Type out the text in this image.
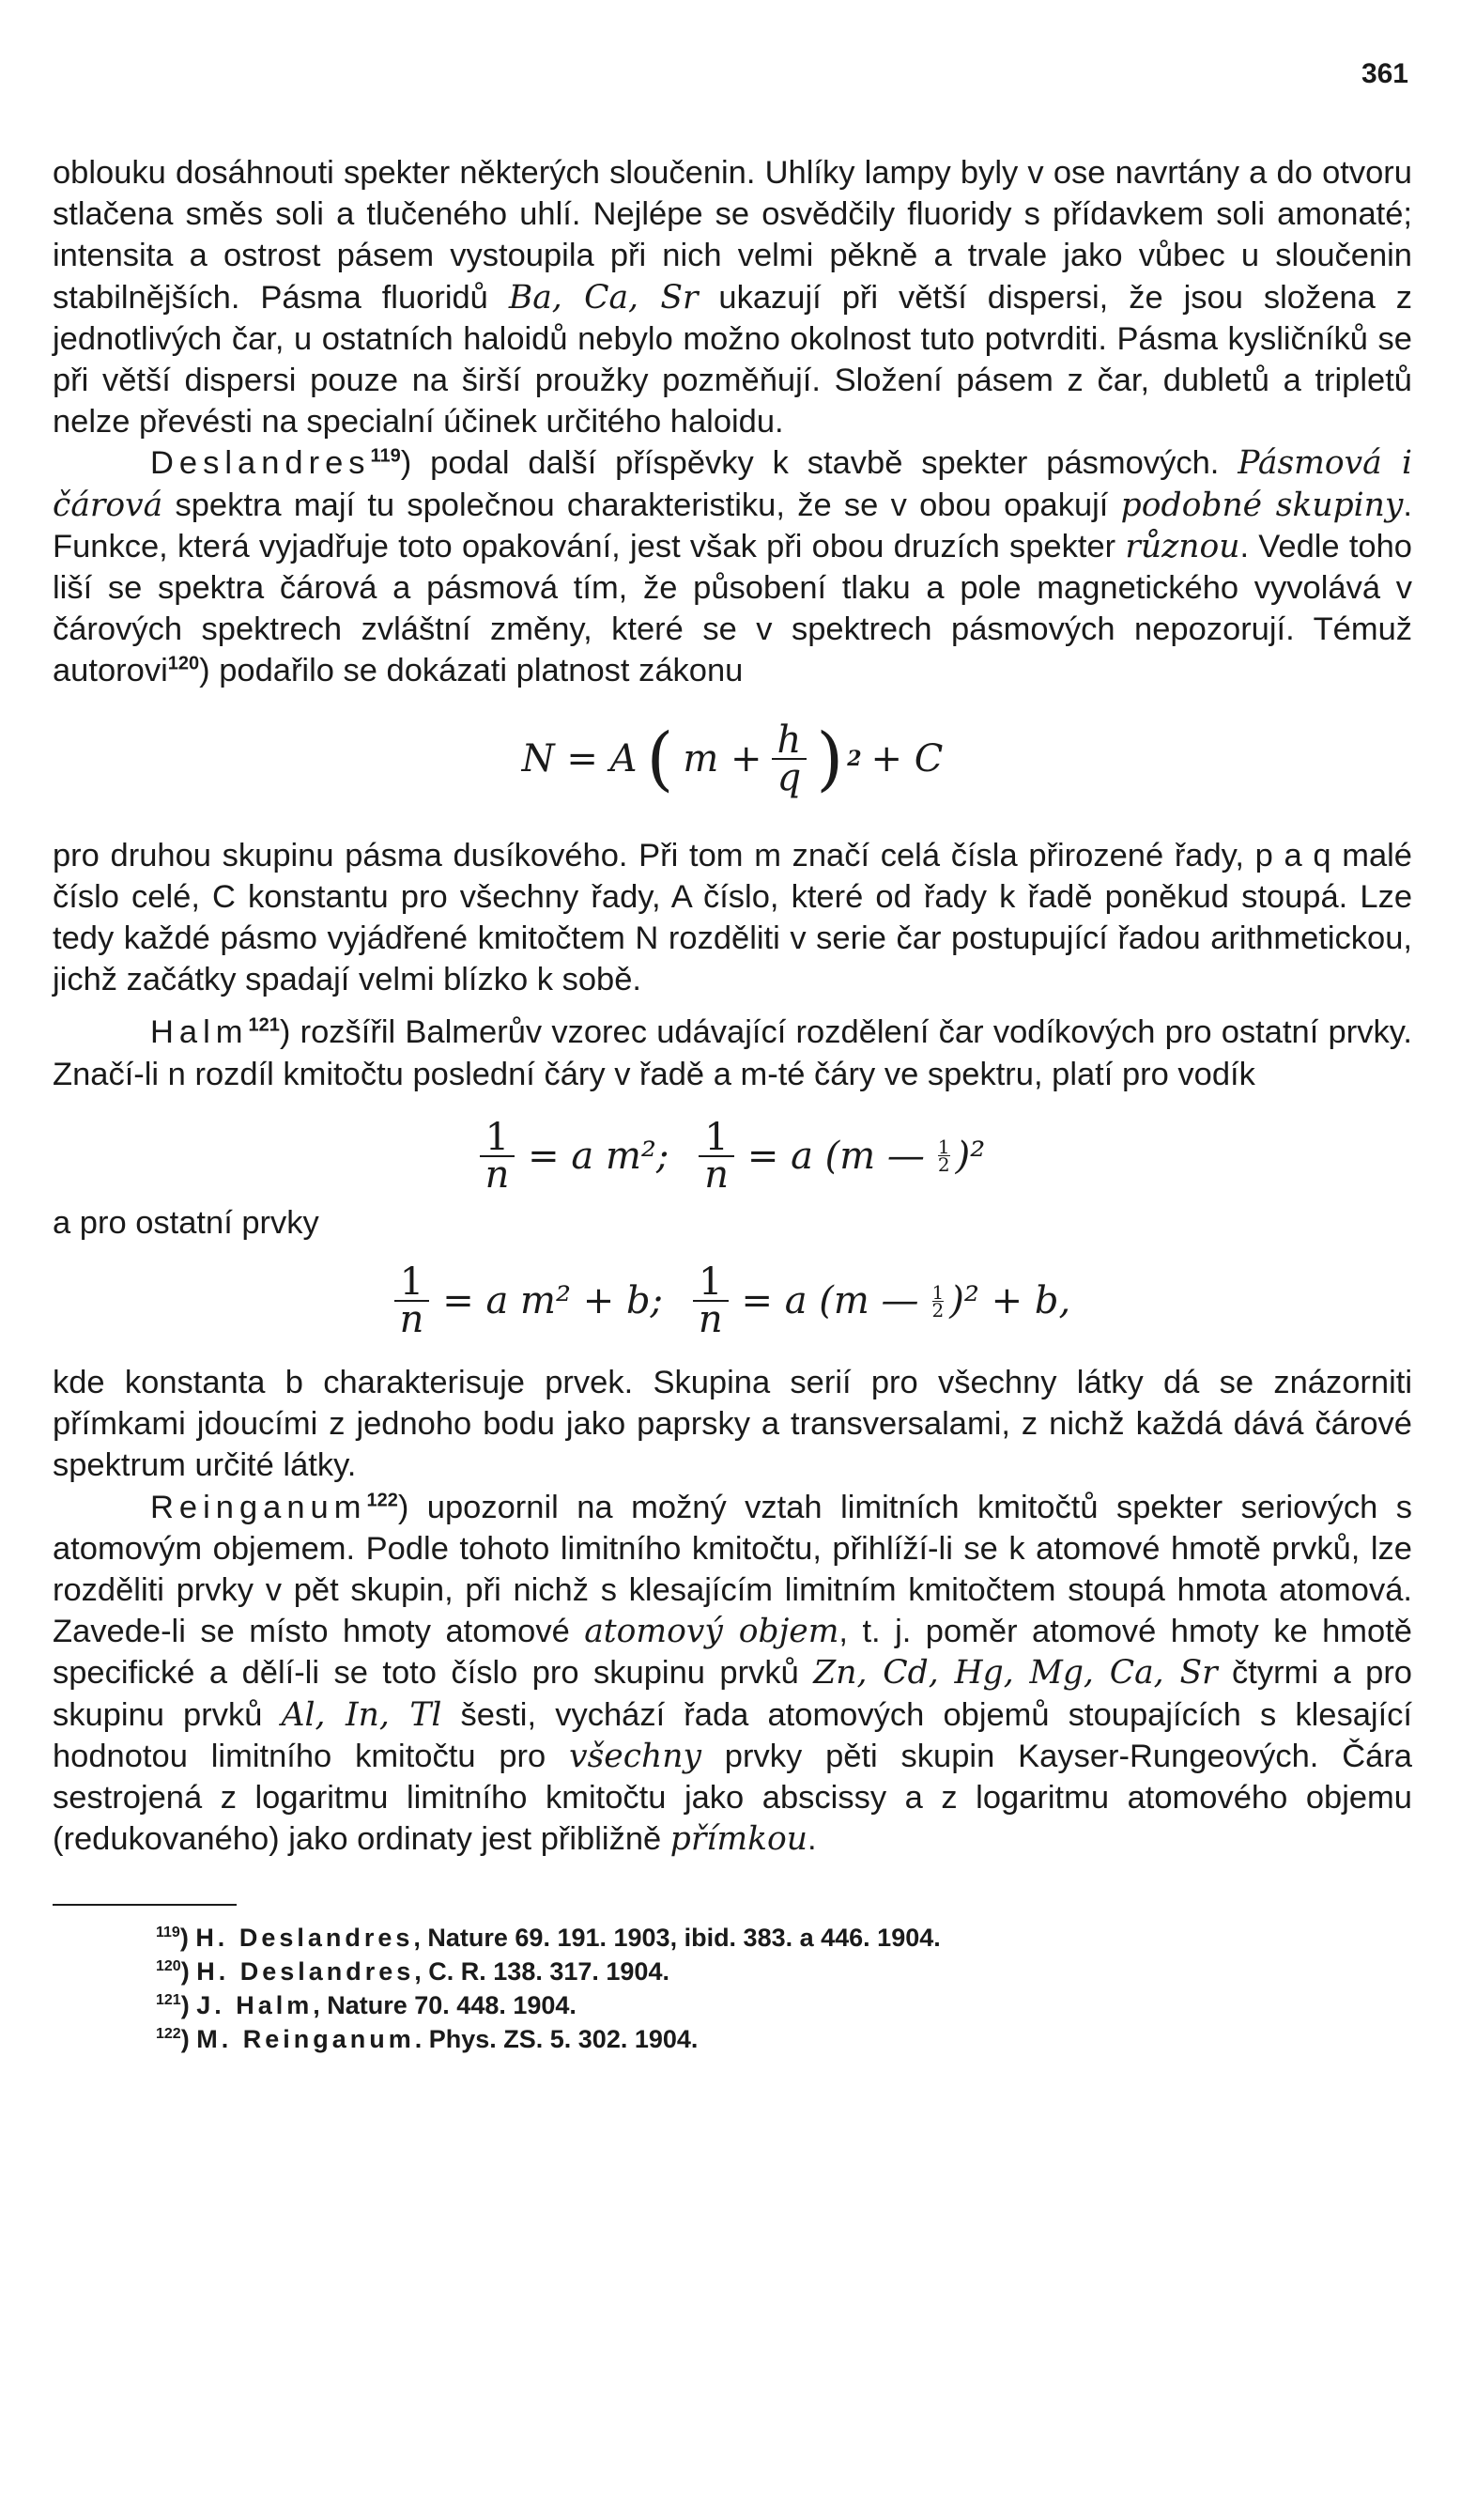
361

oblouku dosáhnouti spekter některých sloučenin. Uhlíky lampy byly v ose navrtány a do otvoru stlačena směs soli a tlučeného uhlí. Nejlépe se osvědčily fluoridy s přídavkem soli amonaté; intensita a ostrost pásem vystoupila při nich velmi pěkně a trvale jako vůbec u sloučenin stabilnějších. Pásma fluoridů Ba, Ca, Sr ukazují při větší dispersi, že jsou složena z jednotlivých čar, u ostatních haloidů nebylo možno okolnost tuto potvrditi. Pásma kysličníků se při větší dispersi pouze na širší proužky pozměňují. Složení pásem z čar, dubletů a tripletů nelze převésti na specialní účinek určitého haloidu.

Deslandres$^{119}$) podal další příspěvky k stavbě spekter pásmových. Pásmová i čárová spektra mají tu společnou charakteristiku, že se v obou opakují podobné skupiny. Funkce, která vyjadřuje toto opakování, jest však při obou druzích spekter různou. Vedle toho liší se spektra čárová a pásmová tím, že působení tlaku a pole magnetického vyvolává v čárových spektrech zvláštní změny, které se v spektrech pásmových nepozorují. Témuž autorovi$^{120}$) podařilo se dokázati platnost zákonu

N = A ( $m + \frac{h}{q}$ ) 2 + C

pro druhou skupinu pásma dusíkového. Při tom m značí celá čísla přirozené řady, p a q malé číslo celé, C konstantu pro všechny řady, A číslo, které od řady k řadě poněkud stoupá. Lze tedy každé pásmo vyjádřené kmitočtem N rozděliti v serie čar postupující řadou arithmetickou, jichž začátky spadají velmi blízko k sobě.

Halm$^{121}$) rozšířil Balmerův vzorec udávající rozdělení čar vodíkových pro ostatní prvky. Značí-li n rozdíl kmitočtu poslední čáry v řadě a m-té čáry ve spektru, platí pro vodík

$\frac{1}{n} = a$ m²; $\frac{1}{n} = a$ (m — 1
2 )²
a pro ostatní prvky
$\frac{1}{n} = a$ m² + b; $\frac{1}{n} = a$ (m — 1
2 )² + b,

kde konstanta b charakterisuje prvek. Skupina serií pro všechny látky dá se znázorniti přímkami jdoucími z jednoho bodu jako paprsky a transversalami, z nichž každá dává čárové spektrum určité látky.

Reinganum$^{122}$) upozornil na možný vztah limitních kmitočtů spekter seriových s atomovým objemem. Podle tohoto limitního kmitočtu, přihlíží-li se k atomové hmotě prvků, lze rozděliti prvky v pět skupin, při nichž s klesajícím limitním kmitočtem stoupá hmota atomová. Zavede-li se místo hmoty atomové atomový objem, t. j. poměr atomové hmoty ke hmotě specifické a dělí-li se toto číslo pro skupinu prvků Zn, Cd, Hg, Mg, Ca, Sr čtyrmi a pro skupinu prvků Al, In, Tl šesti, vychází řada atomových objemů stoupajících s klesající hodnotou limitního kmitočtu pro všechny prvky pěti skupin Kayser-Rungeových. Čára sestrojená z logaritmu limitního kmitočtu jako abscissy a z logaritmu atomového objemu (redukovaného) jako ordinaty jest přibližně přímkou.

$^{119}$) H. Deslandres, Nature 69. 191. 1903, ibid. 383. a 446. 1904.
$^{120}$) H. Deslandres, C. R. 138. 317. 1904.
$^{121}$) J. Halm, Nature 70. 448. 1904.
$^{122}$) M. Reinganum. Phys. ZS. 5. 302. 1904.
